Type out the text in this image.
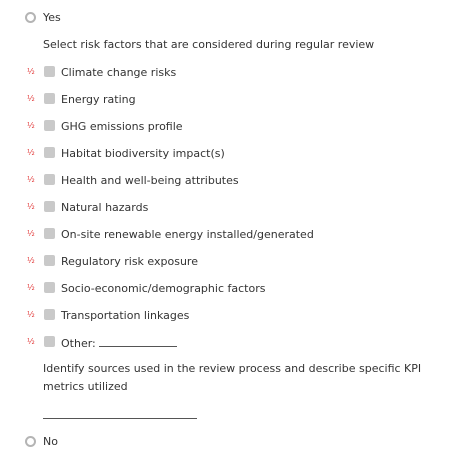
Yes
Select risk factors that are considered during regular review
½	Climate change risks
½	Energy rating
½	GHG emissions profile
½	Habitat biodiversity impact(s)
½	Health and well-being attributes
½	Natural hazards
½	On-site renewable energy installed/generated
½	Regulatory risk exposure
½	Socio-economic/demographic factors
½	Transportation linkages
½	Other:
Identify sources used in the review process and describe specific KPI metrics utilized
No
